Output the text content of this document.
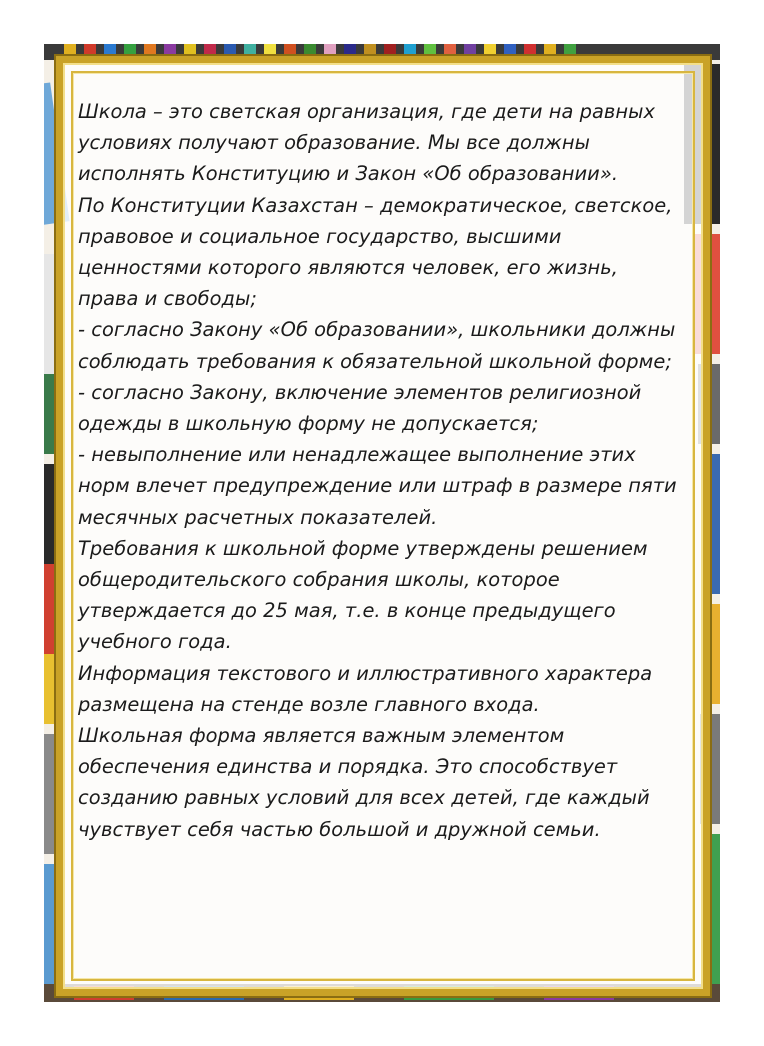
Школа – это светская организация, где дети на равных условиях получают образование. Мы все должны исполнять Конституцию и Закон «Об образовании».

По Конституции Казахстан – демократическое, светское, правовое и социальное государство, высшими ценностями которого являются человек, его жизнь, права и свободы;

- согласно Закону «Об образовании», школьники должны соблюдать требования к обязательной школьной форме;

- согласно Закону, включение элементов религиозной одежды в школьную форму не допускается;

- невыполнение или ненадлежащее выполнение этих норм влечет предупреждение или штраф в размере пяти месячных расчетных показателей.

Требования к школьной форме утверждены решением общеродительского собрания школы, которое утверждается до 25 мая, т.е. в конце предыдущего учебного года.

Информация текстового и иллюстративного характера размещена на стенде возле главного входа.

Школьная форма является важным элементом обеспечения единства и порядка. Это способствует созданию равных условий для всех детей, где каждый чувствует себя частью большой и дружной семьи.
